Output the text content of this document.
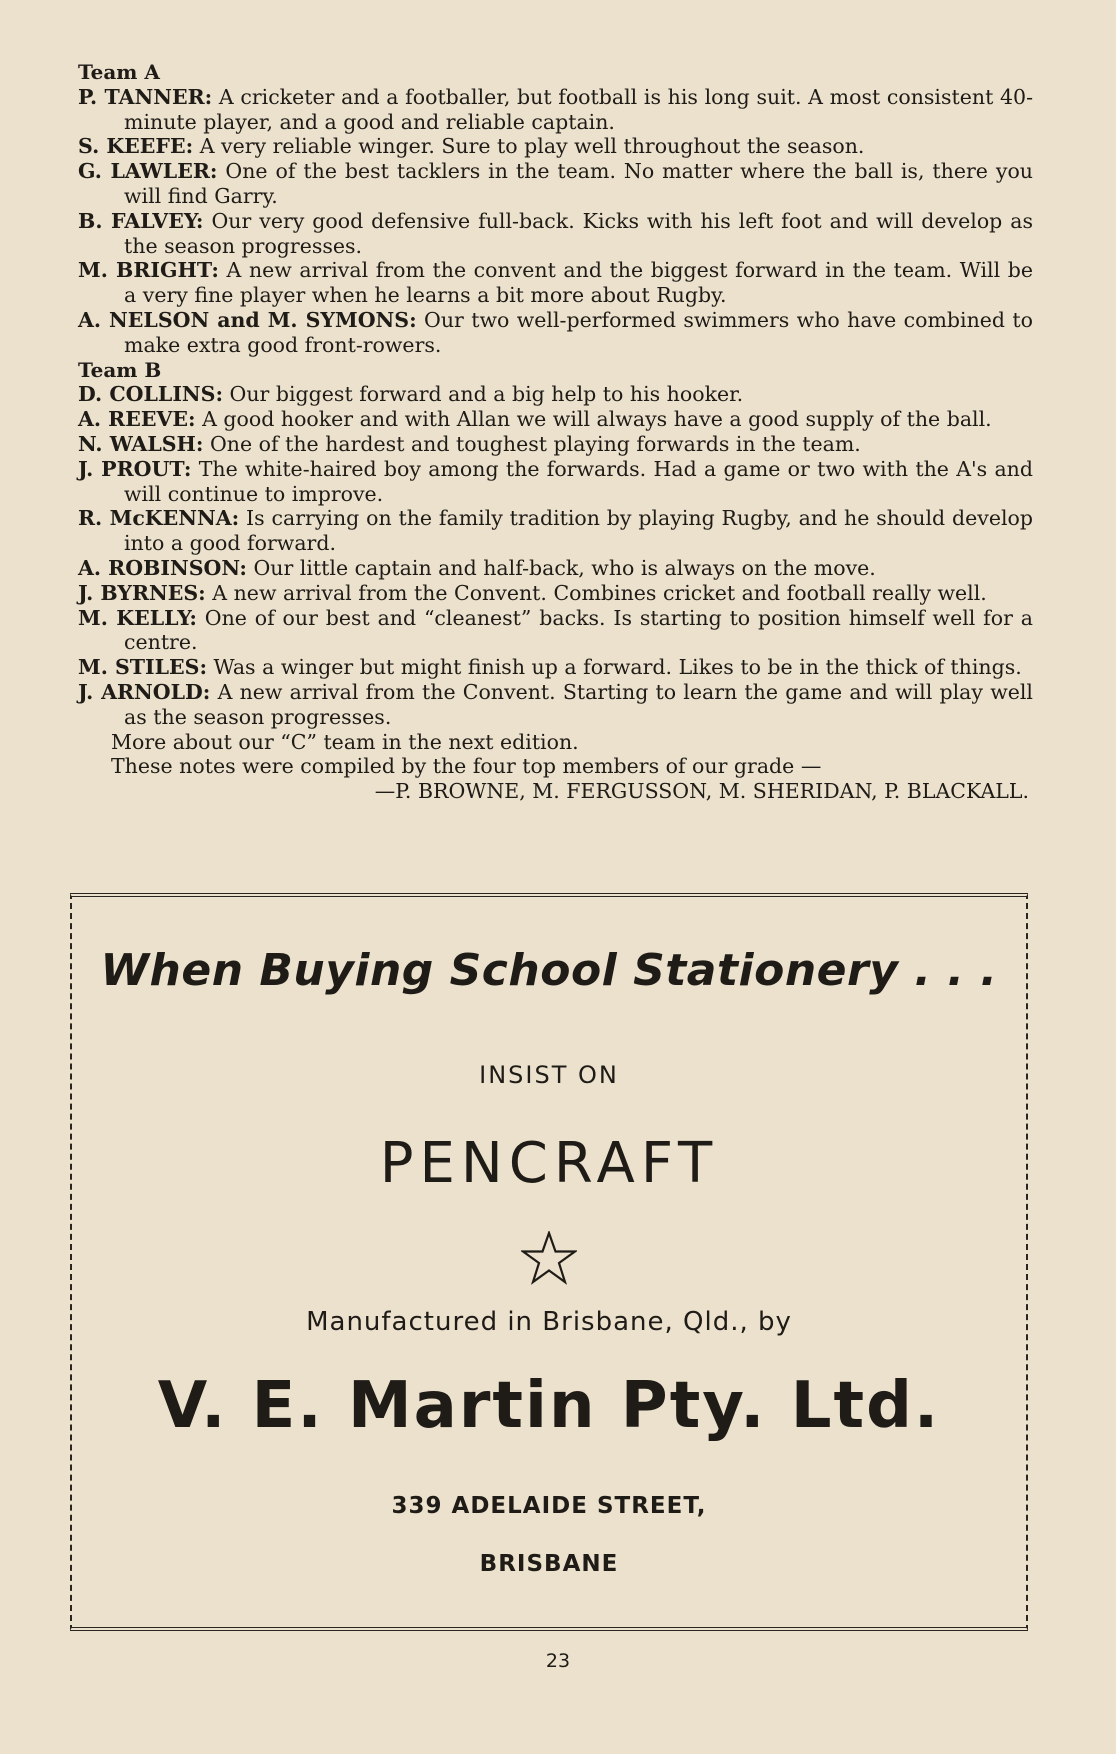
Team A
P. TANNER: A cricketer and a footballer, but football is his long suit. A most consistent 40-minute player, and a good and reliable captain.
S. KEEFE: A very reliable winger. Sure to play well throughout the season.
G. LAWLER: One of the best tacklers in the team. No matter where the ball is, there you will find Garry.
B. FALVEY: Our very good defensive full-back. Kicks with his left foot and will develop as the season progresses.
M. BRIGHT: A new arrival from the convent and the biggest forward in the team. Will be a very fine player when he learns a bit more about Rugby.
A. NELSON and M. SYMONS: Our two well-performed swimmers who have combined to make extra good front-rowers.
Team B
D. COLLINS: Our biggest forward and a big help to his hooker.
A. REEVE: A good hooker and with Allan we will always have a good supply of the ball.
N. WALSH: One of the hardest and toughest playing forwards in the team.
J. PROUT: The white-haired boy among the forwards. Had a game or two with the A's and will continue to improve.
R. McKENNA: Is carrying on the family tradition by playing Rugby, and he should develop into a good forward.
A. ROBINSON: Our little captain and half-back, who is always on the move.
J. BYRNES: A new arrival from the Convent. Combines cricket and football really well.
M. KELLY: One of our best and “cleanest” backs. Is starting to position himself well for a centre.
M. STILES: Was a winger but might finish up a forward. Likes to be in the thick of things.
J. ARNOLD: A new arrival from the Convent. Starting to learn the game and will play well as the season progresses.
More about our “C” team in the next edition.
These notes were compiled by the four top members of our grade —
—P. BROWNE, M. FERGUSSON, M. SHERIDAN, P. BLACKALL.
When Buying School Stationery . . .
INSIST ON
PENCRAFT
Manufactured in Brisbane, Qld., by
V. E. Martin Pty. Ltd.
339 ADELAIDE STREET,
BRISBANE
23
